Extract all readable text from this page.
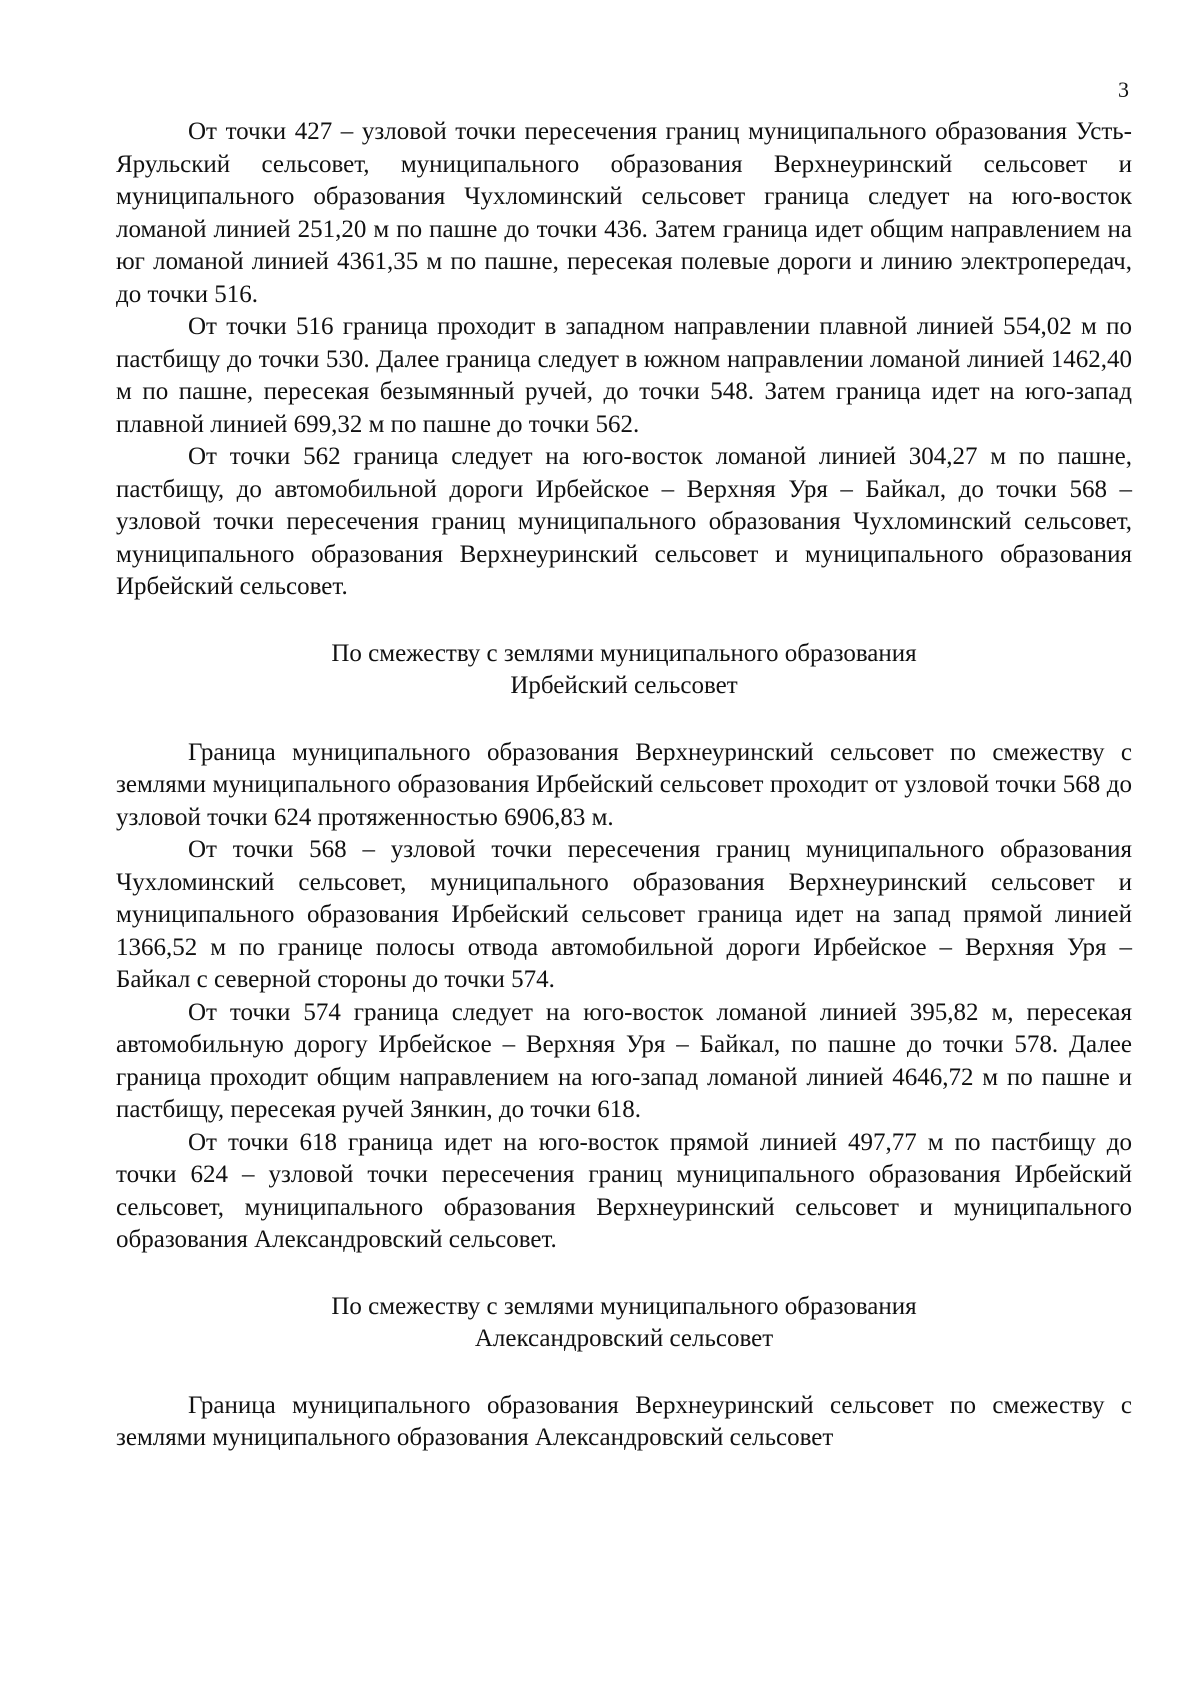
3

От точки 427 – узловой точки пересечения границ муниципального образования Усть-Ярульский сельсовет, муниципального образования Верхнеуринский сельсовет и муниципального образования Чухломинский сельсовет граница следует на юго-восток ломаной линией 251,20 м по пашне до точки 436. Затем граница идет общим направлением на юг ломаной линией 4361,35 м по пашне, пересекая полевые дороги и линию электропередач, до точки 516.

От точки 516 граница проходит в западном направлении плавной линией 554,02 м по пастбищу до точки 530. Далее граница следует в южном направлении ломаной линией 1462,40 м по пашне, пересекая безымянный ручей, до точки 548. Затем граница идет на юго-запад плавной линией 699,32 м по пашне до точки 562.

От точки 562 граница следует на юго-восток ломаной линией 304,27 м по пашне, пастбищу, до автомобильной дороги Ирбейское – Верхняя Уря – Байкал, до точки 568 – узловой точки пересечения границ муниципального образования Чухломинский сельсовет, муниципального образования Верхнеуринский сельсовет и муниципального образования Ирбейский сельсовет.

По смежеству с землями муниципального образования
Ирбейский сельсовет

Граница муниципального образования Верхнеуринский сельсовет по смежеству с землями муниципального образования Ирбейский сельсовет проходит от узловой точки 568 до узловой точки 624 протяженностью 6906,83 м.

От точки 568 – узловой точки пересечения границ муниципального образования Чухломинский сельсовет, муниципального образования Верхнеуринский сельсовет и муниципального образования Ирбейский сельсовет граница идет на запад прямой линией 1366,52 м по границе полосы отвода автомобильной дороги Ирбейское – Верхняя Уря – Байкал с северной стороны до точки 574.

От точки 574 граница следует на юго-восток ломаной линией 395,82 м, пересекая автомобильную дорогу Ирбейское – Верхняя Уря – Байкал, по пашне до точки 578. Далее граница проходит общим направлением на юго-запад ломаной линией 4646,72 м по пашне и пастбищу, пересекая ручей Зянкин, до точки 618.

От точки 618 граница идет на юго-восток прямой линией 497,77 м по пастбищу до точки 624 – узловой точки пересечения границ муниципального образования Ирбейский сельсовет, муниципального образования Верхнеуринский сельсовет и муниципального образования Александровский сельсовет.

По смежеству с землями муниципального образования
Александровский сельсовет

Граница муниципального образования Верхнеуринский сельсовет по смежеству с землями муниципального образования Александровский сельсовет
